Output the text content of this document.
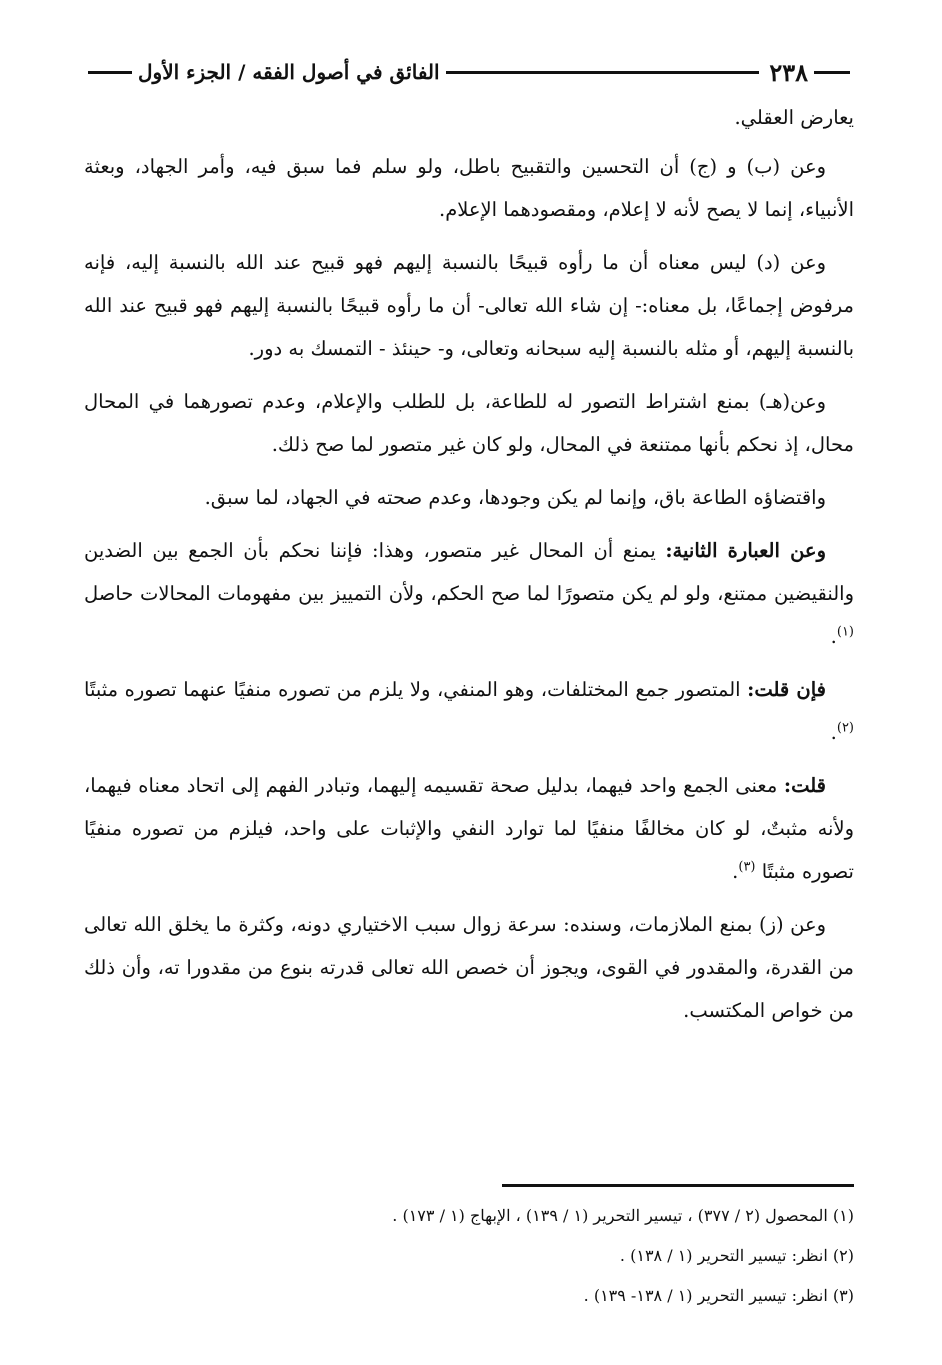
٢٣٨
الفائق في أصول الفقه / الجزء الأول

يعارض العقلي.

وعن (ب) و (ج) أن التحسين والتقبيح باطل، ولو سلم فما سبق فيه، وأمر الجهاد، وبعثة الأنبياء، إنما لا يصح لأنه لا إعلام، ومقصودهما الإعلام.

وعن (د) ليس معناه أن ما رأوه قبيحًا بالنسبة إليهم فهو قبيح عند الله بالنسبة إليه، فإنه مرفوض إجماعًا، بل معناه:- إن شاء الله تعالى- أن ما رأوه قبيحًا بالنسبة إليهم فهو قبيح عند الله بالنسبة إليهم، أو مثله بالنسبة إليه سبحانه وتعالى، و- حينئذ - التمسك به دور.

وعن(هـ) بمنع اشتراط التصور له للطاعة، بل للطلب والإعلام، وعدم تصورهما في المحال محال، إذ نحكم بأنها ممتنعة في المحال، ولو كان غير متصور لما صح ذلك.

واقتضاؤه الطاعة باق، وإنما لم يكن وجودها، وعدم صحته في الجهاد، لما سبق.

وعن العبارة الثانية: يمنع أن المحال غير متصور، وهذا: فإننا نحكم بأن الجمع بين الضدين والنقيضين ممتنع، ولو لم يكن متصورًا لما صح الحكم، ولأن التمييز بين مفهومات المحالات حاصل $^{(١)}$.

فإن قلت: المتصور جمع المختلفات، وهو المنفي، ولا يلزم من تصوره منفيًا عنهما تصوره مثبتًا $^{(٢)}$.

قلت: معنى الجمع واحد فيهما، بدليل صحة تقسيمه إليهما، وتبادر الفهم إلى اتحاد معناه فيهما، ولأنه مثبتٌ، لو كان مخالفًا منفيًا لما توارد النفي والإثبات على واحد، فيلزم من تصوره منفيًا تصوره مثبتًا $^{(٣)}$.

وعن (ز) بمنع الملازمات، وسنده: سرعة زوال سبب الاختياري دونه، وكثرة ما يخلق الله تعالى من القدرة، والمقدور في القوى، ويجوز أن خصص الله تعالى قدرته بنوع من مقدورا ته، وأن ذلك من خواص المكتسب.

(١) المحصول (٢ / ٣٧٧) ، تيسير التحرير (١ / ١٣٩) ، الإبهاج (١ / ١٧٣) .
(٢) انظر: تيسير التحرير (١ / ١٣٨) .
(٣) انظر: تيسير التحرير (١ / ١٣٨- ١٣٩) .
